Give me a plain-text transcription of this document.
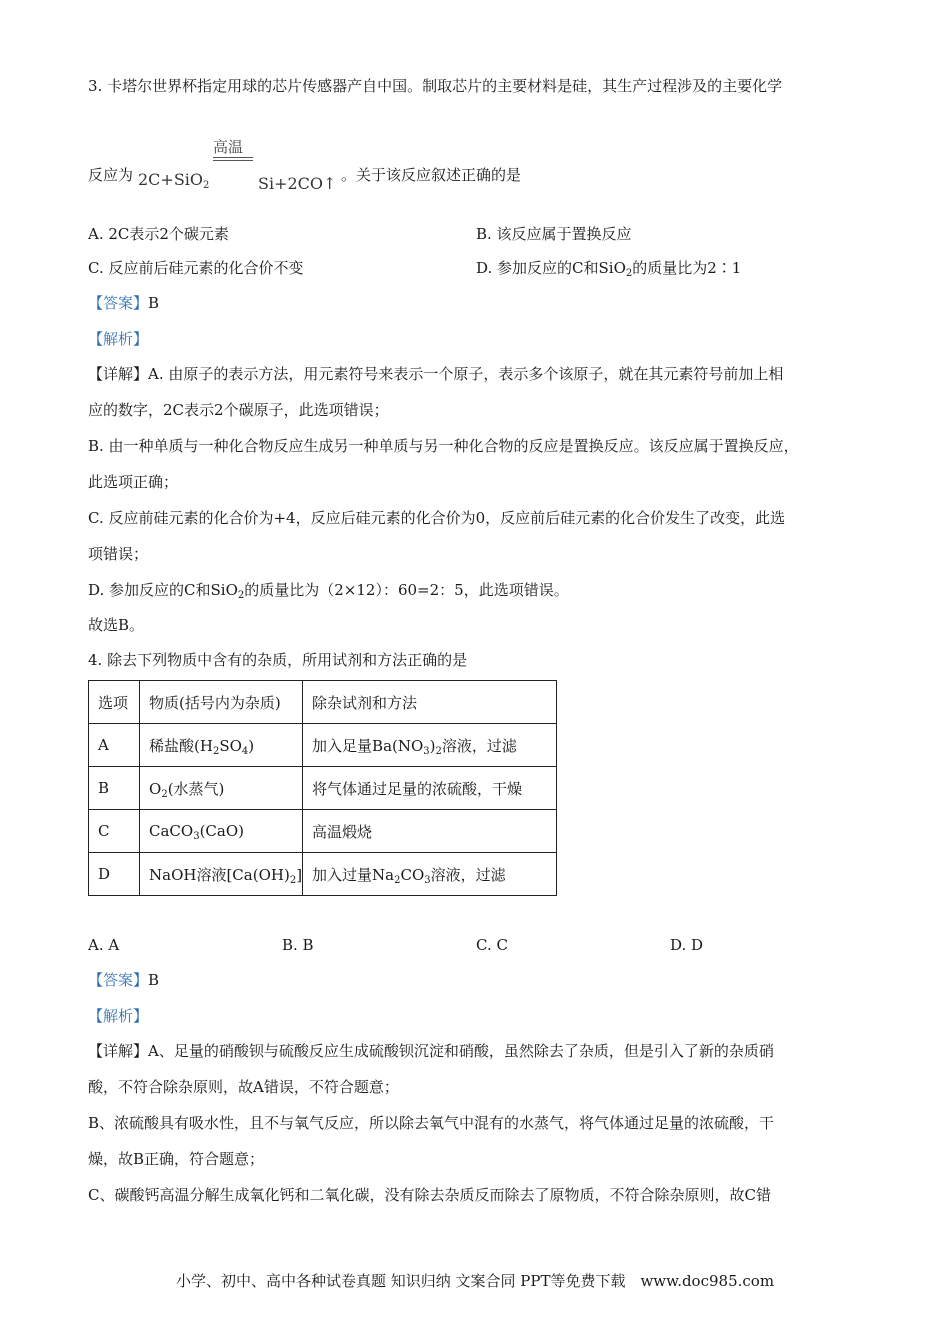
3. 卡塔尔世界杯指定用球的芯片传感器产自中国。制取芯片的主要材料是硅，其生产过程涉及的主要化学
高温
反应为 2C+SiO$_2$	Si+2CO↑ 。关于该反应叙述正确的是
A. 2C表示2个碳元素	B. 该反应属于置换反应
C. 反应前后硅元素的化合价不变	D. 参加反应的C和SiO$_2$的质量比为2∶1
【答案】B
【解析】
【详解】A. 由原子的表示方法，用元素符号来表示一个原子，表示多个该原子，就在其元素符号前加上相
应的数字，2C表示2个碳原子，此选项错误；
B. 由一种单质与一种化合物反应生成另一种单质与另一种化合物的反应是置换反应。该反应属于置换反应，
此选项正确；
C. 反应前硅元素的化合价为+4，反应后硅元素的化合价为0，反应前后硅元素的化合价发生了改变，此选
项错误；
D. 参加反应的C和SiO$_2$的质量比为（2×12）：60=2：5，此选项错误。
故选B。
4. 除去下列物质中含有的杂质，所用试剂和方法正确的是
选项	物质(括号内为杂质)	除杂试剂和方法
A	稀盐酸$(H_2SO_4)$	加入足量$Ba(NO_3)_2$溶液，过滤
B	$O_2$(水蒸气)	将气体通过足量的浓硫酸，干燥
C	CaCO$_3$(CaO)	高温煅烧
D	NaOH溶液$[Ca(OH)_2]$	加入过量$Na_2CO_3$溶液，过滤
A. A	B. B	C. C	D. D
【答案】B
【解析】
【详解】A、足量的硝酸钡与硫酸反应生成硫酸钡沉淀和硝酸，虽然除去了杂质，但是引入了新的杂质硝
酸，不符合除杂原则，故A错误，不符合题意；
B、浓硫酸具有吸水性，且不与氧气反应，所以除去氧气中混有的水蒸气，将气体通过足量的浓硫酸，干
燥，故B正确，符合题意；
C、碳酸钙高温分解生成氧化钙和二氧化碳，没有除去杂质反而除去了原物质，不符合除杂原则，故C错
小学、初中、高中各种试卷真题 知识归纳 文案合同 PPT等免费下载　www.doc985.com
